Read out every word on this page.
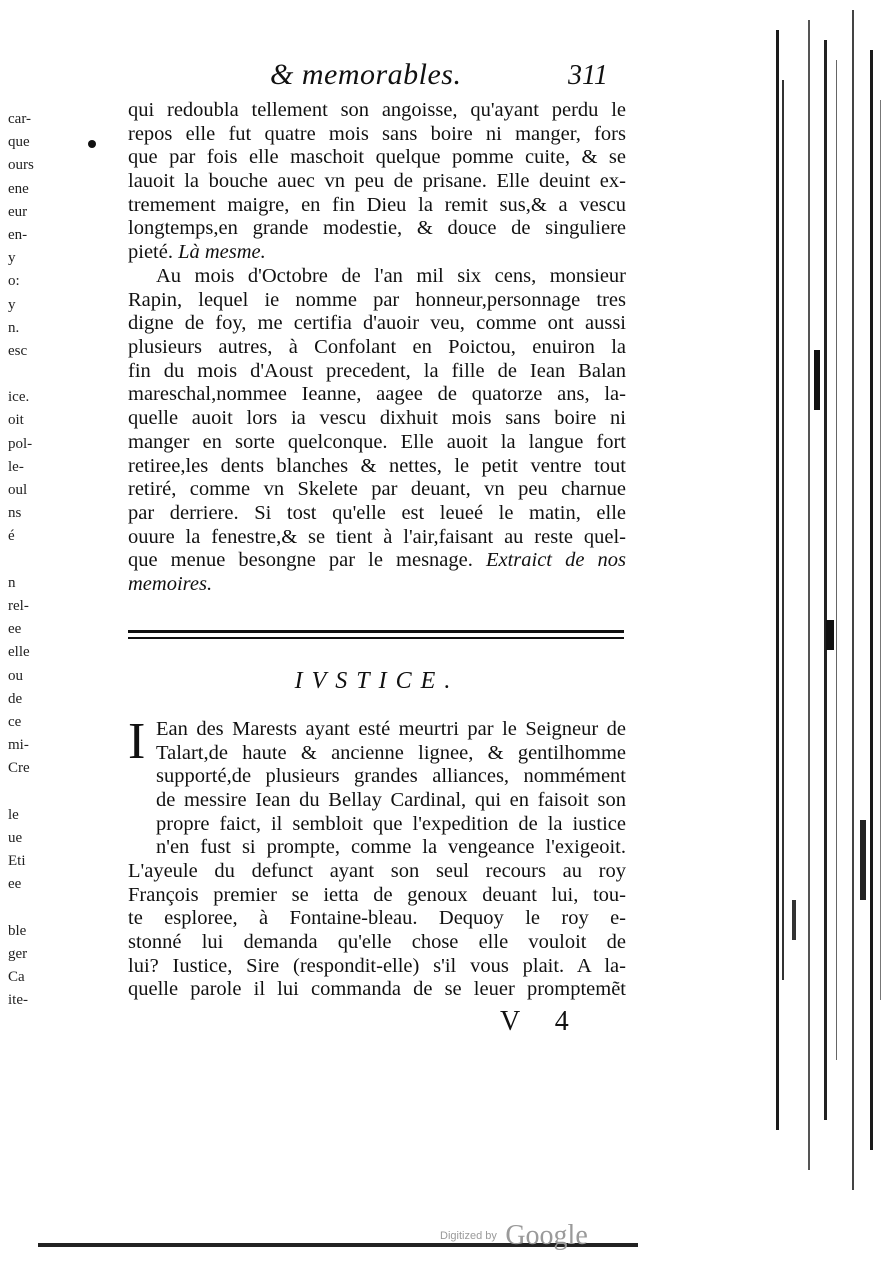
& memorables.	311
qui redoubla tellement son angoisse, qu'ayant perdu le
repos elle fut quatre mois sans boire ni manger, fors
que par fois elle maschoit quelque pomme cuite, & se
lauoit la bouche auec vn peu de prisane. Elle deuint ex-
tremement maigre, en fin Dieu la remit sus,& a vescu
longtemps,en grande modestie, & douce de singuliere
pieté. Là mesme.
Au mois d'Octobre de l'an mil six cens, monsieur
Rapin, lequel ie nomme par honneur,personnage tres
digne de foy, me certifia d'auoir veu, comme ont aussi
plusieurs autres, à Confolant en Poictou, enuiron la
fin du mois d'Aoust precedent, la fille de Iean Balan
mareschal,nommee Ieanne, aagee de quatorze ans, la-
quelle auoit lors ia vescu dixhuit mois sans boire ni
manger en sorte quelconque. Elle auoit la langue fort
retiree,les dents blanches & nettes, le petit ventre tout
retiré, comme vn Skelete par deuant, vn peu charnue
par derriere. Si tost qu'elle est leueé le matin, elle
ouure la fenestre,& se tient à l'air,faisant au reste quel-
que menue besongne par le mesnage. Extraict de nos
memoires.
IVSTICE.
I Ean des Marests ayant esté meurtri par le Seigneur de
Talart,de haute & ancienne lignee, & gentilhomme
supporté,de plusieurs grandes alliances, nommément
de messire Iean du Bellay Cardinal, qui en faisoit son
propre faict, il sembloit que l'expedition de la iustice
n'en fust si prompte, comme la vengeance l'exigeoit.
L'ayeule du defunct ayant son seul recours au roy
François premier se ietta de genoux deuant lui, tou-
te esploree, à Fontaine-bleau. Dequoy le roy e-
stonné lui demanda qu'elle chose elle vouloit de
lui? Iustice, Sire (respondit-elle) s'il vous plait. A la-
quelle parole il lui commanda de se leuer promptemẽt
V 4
car-
que
ours
ene
eur
en-
y
o:
y
n.
esc
ice.
oit
pol-
le-
oul
ns
é
n
rel-
ee
elle
ou
de
ce
mi-
Cre
le
ue
Eti
ee
ble
ger
Ca
ite-
Digitized by Google
